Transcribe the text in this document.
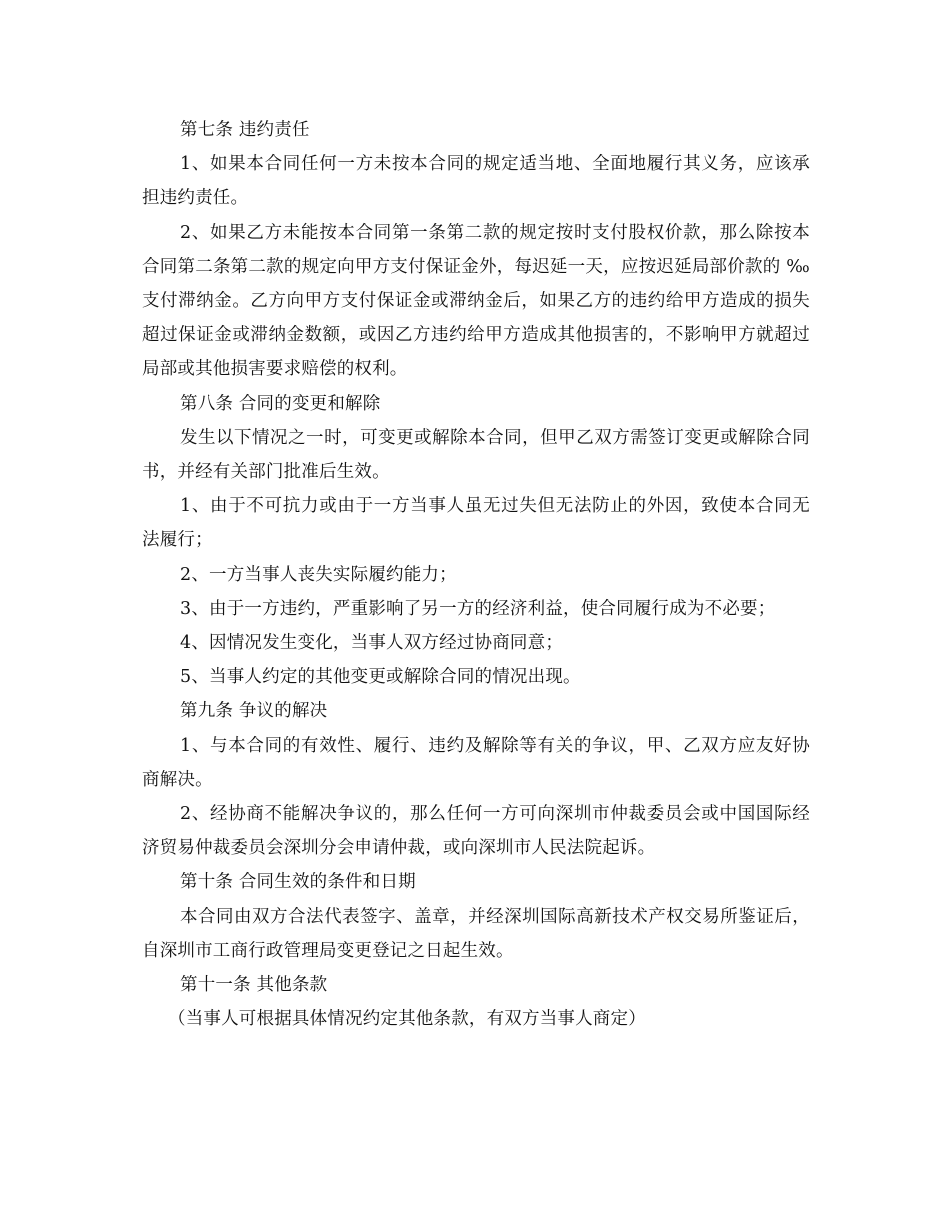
第七条 违约责任

1、如果本合同任何一方未按本合同的规定适当地、全面地履行其义务，应该承担违约责任。

2、如果乙方未能按本合同第一条第二款的规定按时支付股权价款，那么除按本合同第二条第二款的规定向甲方支付保证金外，每迟延一天，应按迟延局部价款的 ‰支付滞纳金。乙方向甲方支付保证金或滞纳金后，如果乙方的违约给甲方造成的损失超过保证金或滞纳金数额，或因乙方违约给甲方造成其他损害的，不影响甲方就超过局部或其他损害要求赔偿的权利。

第八条 合同的变更和解除

发生以下情况之一时，可变更或解除本合同，但甲乙双方需签订变更或解除合同书，并经有关部门批准后生效。

1、由于不可抗力或由于一方当事人虽无过失但无法防止的外因，致使本合同无法履行；

2、一方当事人丧失实际履约能力；

3、由于一方违约，严重影响了另一方的经济利益，使合同履行成为不必要；

4、因情况发生变化，当事人双方经过协商同意；

5、当事人约定的其他变更或解除合同的情况出现。

第九条 争议的解决

1、与本合同的有效性、履行、违约及解除等有关的争议，甲、乙双方应友好协商解决。

2、经协商不能解决争议的，那么任何一方可向深圳市仲裁委员会或中国国际经济贸易仲裁委员会深圳分会申请仲裁，或向深圳市人民法院起诉。

第十条 合同生效的条件和日期

本合同由双方合法代表签字、盖章，并经深圳国际高新技术产权交易所鉴证后，自深圳市工商行政管理局变更登记之日起生效。

第十一条 其他条款

（当事人可根据具体情况约定其他条款，有双方当事人商定）
